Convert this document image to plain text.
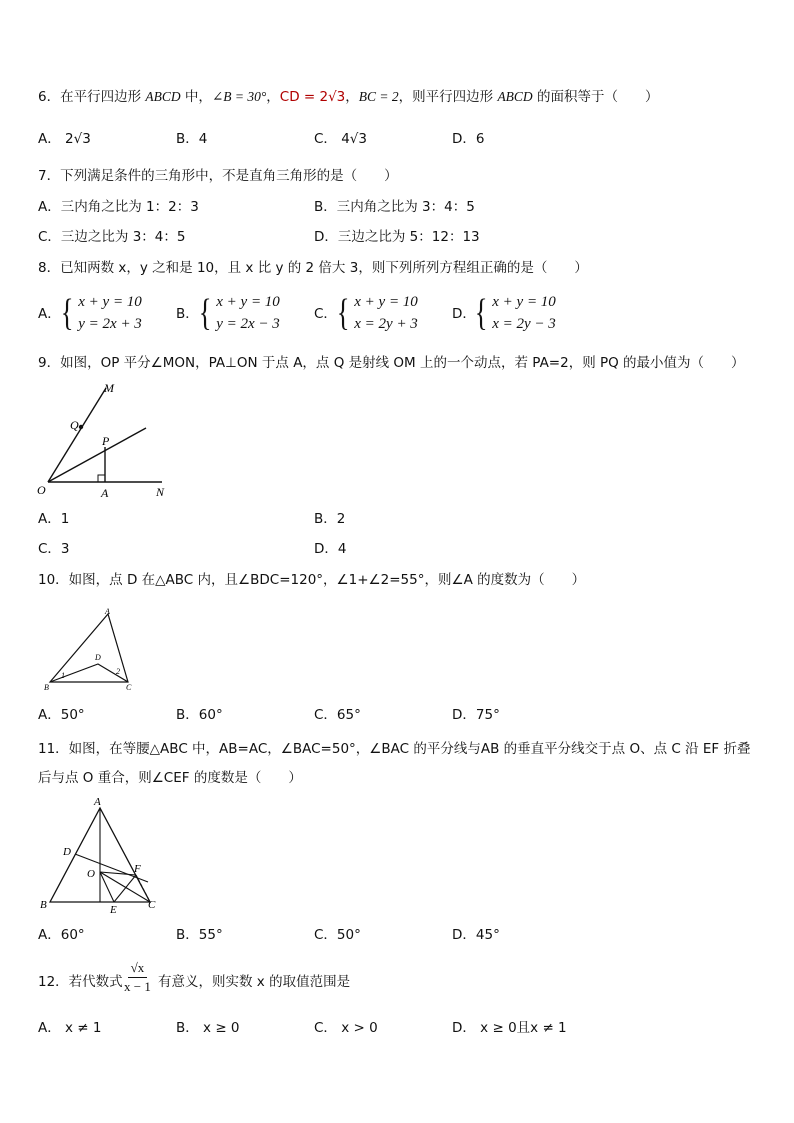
6．在平行四边形 ABCD 中，∠B = 30°，CD = 2√3，BC = 2，则平行四边形 ABCD 的面积等于（　　）
A． 2√3	B．4	C． 4√3	D．6
7．下列满足条件的三角形中，不是直角三角形的是（　　）
A．三内角之比为 1：2：3	B．三内角之比为 3：4：5
C．三边之比为 3：4：5	D．三边之比为 5：12：13
8．已知两数 x，y 之和是 10，且 x 比 y 的 2 倍大 3，则下列所列方程组正确的是（　　）
A． { x + y = 10
y = 2x + 3
B． { x + y = 10
y = 2x − 3
C． { x + y = 10
x = 2y + 3
D．
{ x + y = 10
x = 2y − 3
9．如图，OP 平分∠MON，PA⊥ON 于点 A，点 Q 是射线 OM 上的一个动点，若 PA=2，则 PQ 的最小值为（　　）
M
Q
P
O	A	N
A．1	B．2
C．3	D．4
10．如图，点 D 在△ABC 内，且∠BDC=120°，∠1+∠2=55°，则∠A 的度数为（　　）
A
D
1	2
B	C
A．50°	B．60°	C．65°	D．75°
11．如图，在等腰△ABC 中，AB=AC，∠BAC=50°，∠BAC 的平分线与AB 的垂直平分线交于点 O、点 C 沿 EF 折叠
后与点 O 重合，则∠CEF 的度数是（　　）
A
D
F
O
B	E	C
A．60°	B．55°	C．50°	D．45°
12．若代数式 $\frac{√x}{x - 1}$ 有意义，则实数 x 的取值范围是
A． x ≠ 1	B． x ≥ 0	C． x > 0	D． x ≥ 0且x ≠ 1
